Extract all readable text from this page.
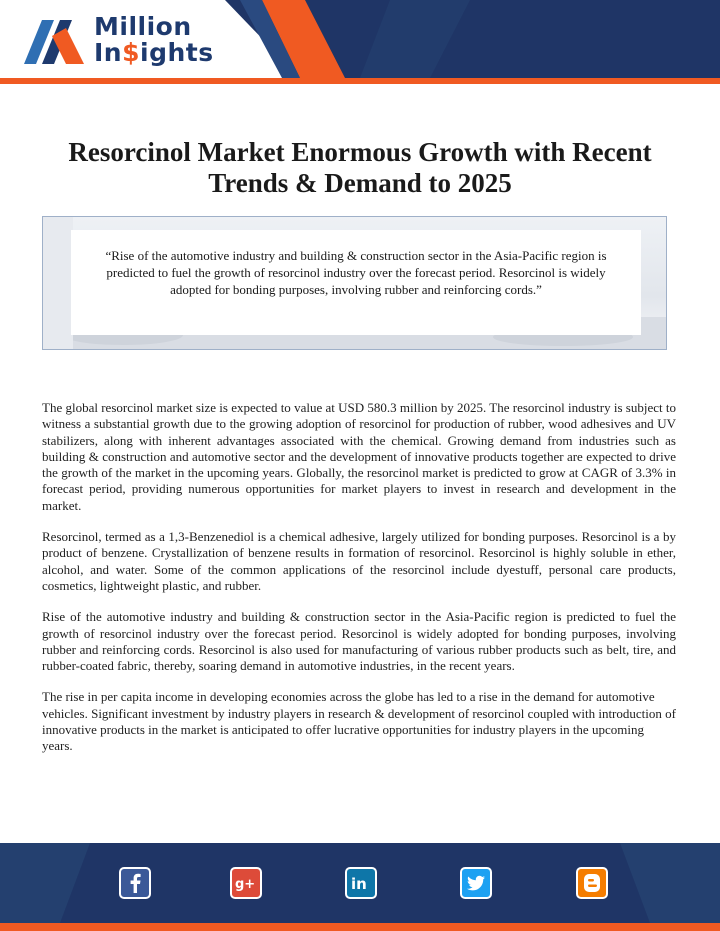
Million
In$ights
Resorcinol Market Enormous Growth with Recent Trends & Demand to 2025
“Rise of the automotive industry and building & construction sector in the Asia-Pacific region is predicted to fuel the growth of resorcinol industry over the forecast period. Resorcinol is widely adopted for bonding purposes, involving rubber and reinforcing cords.”

The global resorcinol market size is expected to value at USD 580.3 million by 2025. The resorcinol industry is subject to witness a substantial growth due to the growing adoption of resorcinol for production of rubber, wood adhesives and UV stabilizers, along with inherent advantages associated with the chemical. Growing demand from industries such as building & construction and automotive sector and the development of innovative products together are expected to drive the growth of the market in the upcoming years. Globally, the resorcinol market is predicted to grow at CAGR of 3.3% in forecast period, providing numerous opportunities for market players to invest in research and development in the market.

Resorcinol, termed as a 1,3-Benzenediol is a chemical adhesive, largely utilized for bonding purposes. Resorcinol is a by product of benzene. Crystallization of benzene results in formation of resorcinol. Resorcinol is highly soluble in ether, alcohol, and water. Some of the common applications of the resorcinol include dyestuff, personal care products, cosmetics, lightweight plastic, and rubber.

Rise of the automotive industry and building & construction sector in the Asia-Pacific region is predicted to fuel the growth of resorcinol industry over the forecast period. Resorcinol is widely adopted for bonding purposes, involving rubber and reinforcing cords. Resorcinol is also used for manufacturing of various rubber products such as belt, tire, and rubber-coated fabric, thereby, soaring demand in automotive industries, in the recent years.

The rise in per capita income in developing economies across the globe has led to a rise in the demand for automotive vehicles. Significant investment by industry players in research & development of resorcinol coupled with introduction of innovative products in the market is anticipated to offer lucrative opportunities for industry players in the upcoming years.

g+	in
